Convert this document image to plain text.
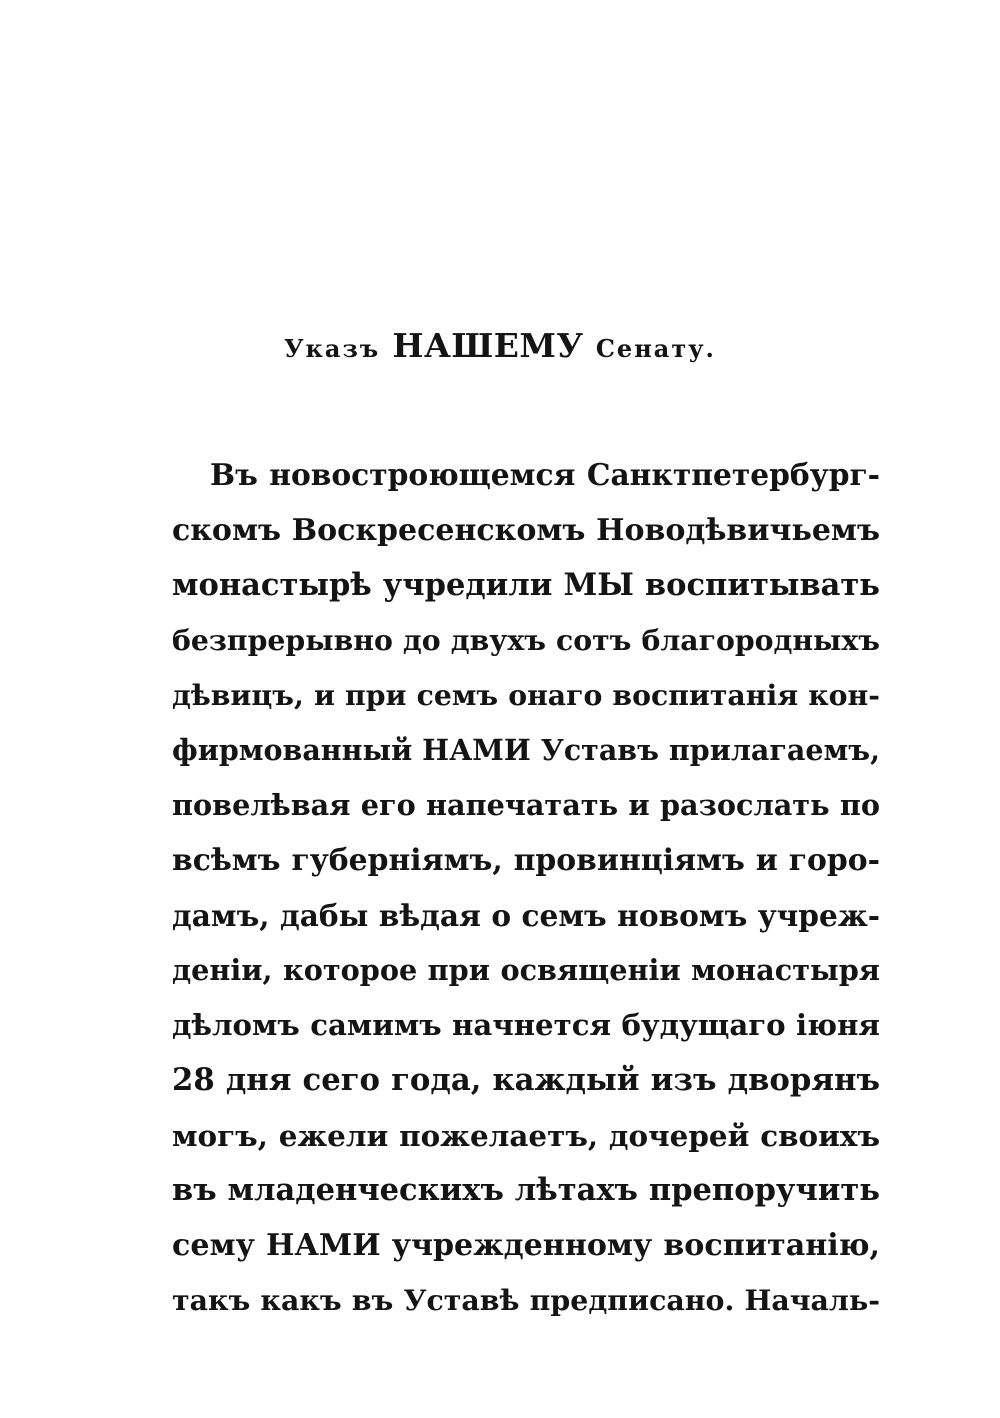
Указъ НАШЕМУ Сенату.
Въ новостроющемся Санктпетербург-
скомъ Воскресенскомъ Новодѣвичьемъ
монастырѣ учредили МЫ воспитывать
безпрерывно до двухъ сотъ благородныхъ
дѣвицъ, и при семъ онаго воспитанія кон-
фирмованный НАМИ Уставъ прилагаемъ,
повелѣвая его напечатать и разослать по
всѣмъ губерніямъ, провинціямъ и горо-
дамъ, дабы вѣдая о семъ новомъ учреж-
деніи, которое при освященіи монастыря
дѣломъ самимъ начнется будущаго іюня
28 дня сего года, каждый изъ дворянъ
могъ, ежели пожелаетъ, дочерей своихъ
въ младенческихъ лѣтахъ препоручить
сему НАМИ учрежденному воспитанію,
такъ какъ въ Уставѣ предписано. Началь-
